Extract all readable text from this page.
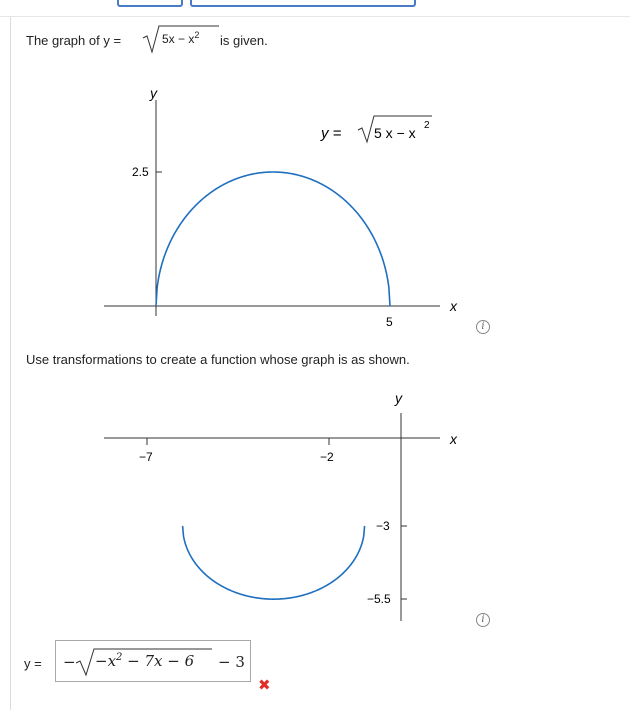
The graph of y =	$5x - x^2$ is given.
y
x
2.5
5
y = 5 x − x 2
i
Use transformations to create a function whose graph is as shown.
y
x
−7	−2
−3
−5.5
i
y = − $-x^2 - 7x - 6 - 3$
✖
